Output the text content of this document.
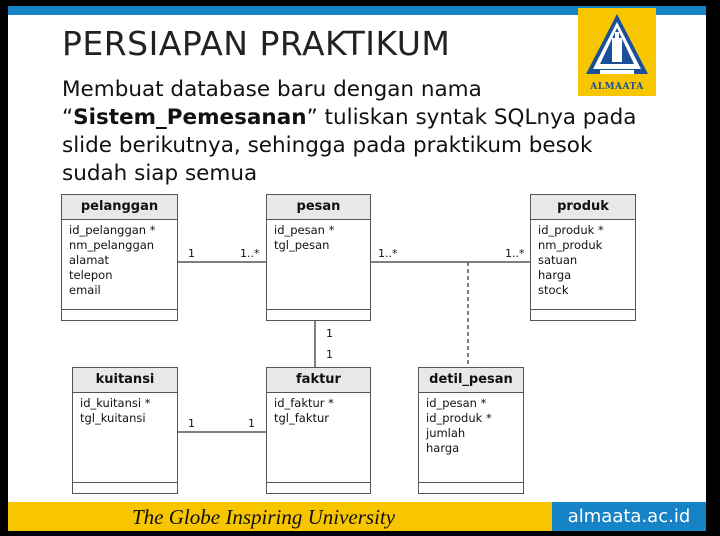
PERSIAPAN PRAKTIKUM
ALMAATA
Membuat database baru dengan nama “Sistem_Pemesanan” tuliskan syntak SQLnya pada slide berikutnya, sehingga pada praktikum besok sudah siap semua
pelanggan
id_pelanggan *
nm_pelanggan
alamat
telepon
email
pesan
id_pesan *
tgl_pesan
produk
id_produk *
nm_produk
satuan
harga
stock
kuitansi
id_kuitansi *
tgl_kuitansi
faktur
id_faktur *
tgl_faktur
detil_pesan
id_pesan *
id_produk *
jumlah
harga
1	1..*	1..*	1..*
1
1
1	1
The Globe Inspiring University	almaata.ac.id
